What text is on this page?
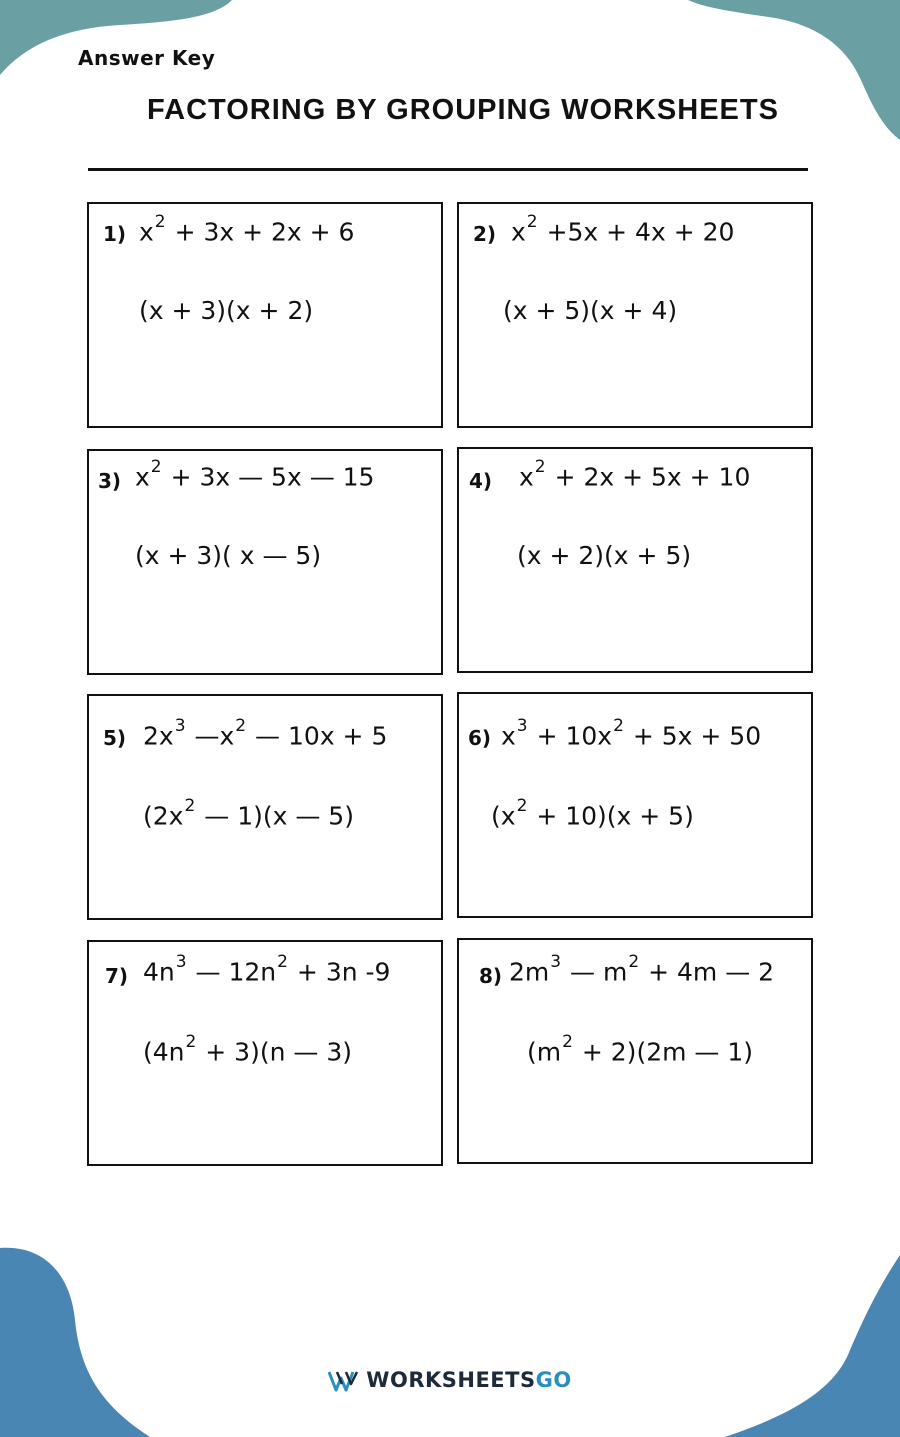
Answer Key
FACTORING BY GROUPING WORKSHEETS
1) $x^2 + 3x + 2x + 6$
(x + 3)(x + 2)
2) $x^2 +5x + 4x + 20$
(x + 5)(x + 4)
3) $x^2 + 3x$ — 5x — 15
(x + 3)( x — 5)
4) $x^2 + 2x + 5x + 10$
(x + 2)(x + 5)
5) $2x^3$ $—x^2$ — 10x + 5
($2x^2$ — 1)(x — 5)
6) $x^3 + 10x^2 + 5x + 50$
$(x^2 + 10)(x + 5)$
7) $4n^3$ — $12n^2 + 3n$ -9
$(4n^2 + 3)(n$ — 3)
8) $2m^3$ — $m^2 + 4m$ — 2
$(m^2 + 2)(2m$ — 1)
WORKSHEETSGO
